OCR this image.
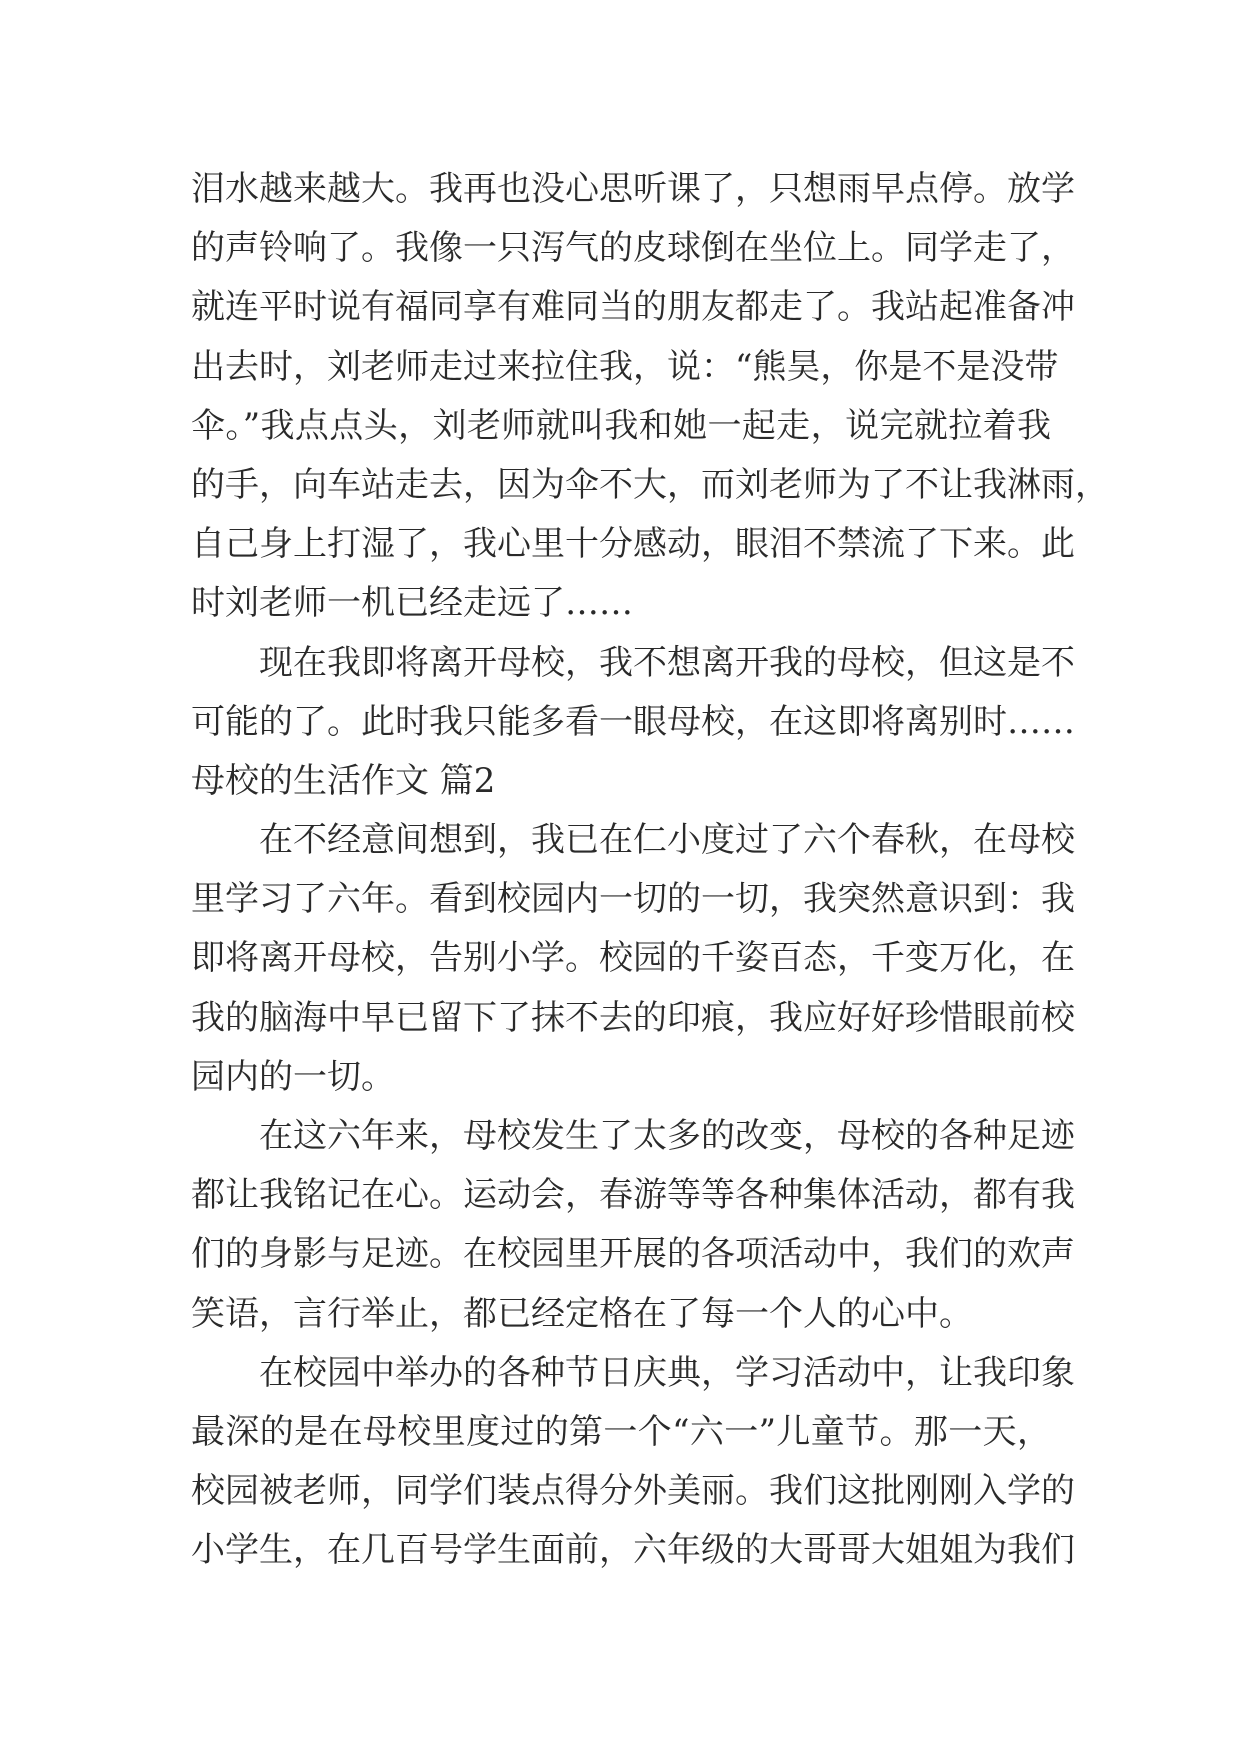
泪水越来越大。我再也没心思听课了，只想雨早点停。放学
的声铃响了。我像一只泻气的皮球倒在坐位上。同学走了，
就连平时说有福同享有难同当的朋友都走了。我站起准备冲
出去时，刘老师走过来拉住我，说：“熊昊，你是不是没带
伞。”我点点头，刘老师就叫我和她一起走，说完就拉着我
的手，向车站走去，因为伞不大，而刘老师为了不让我淋雨，
自己身上打湿了，我心里十分感动，眼泪不禁流了下来。此
时刘老师一机已经走远了……
现在我即将离开母校，我不想离开我的母校，但这是不
可能的了。此时我只能多看一眼母校，在这即将离别时……
母校的生活作文 篇2
在不经意间想到，我已在仁小度过了六个春秋，在母校
里学习了六年。看到校园内一切的一切，我突然意识到：我
即将离开母校，告别小学。校园的千姿百态，千变万化，在
我的脑海中早已留下了抹不去的印痕，我应好好珍惜眼前校
园内的一切。
在这六年来，母校发生了太多的改变，母校的各种足迹
都让我铭记在心。运动会，春游等等各种集体活动，都有我
们的身影与足迹。在校园里开展的各项活动中，我们的欢声
笑语，言行举止，都已经定格在了每一个人的心中。
在校园中举办的各种节日庆典，学习活动中，让我印象
最深的是在母校里度过的第一个“六一”儿童节。那一天，
校园被老师，同学们装点得分外美丽。我们这批刚刚入学的
小学生，在几百号学生面前，六年级的大哥哥大姐姐为我们
